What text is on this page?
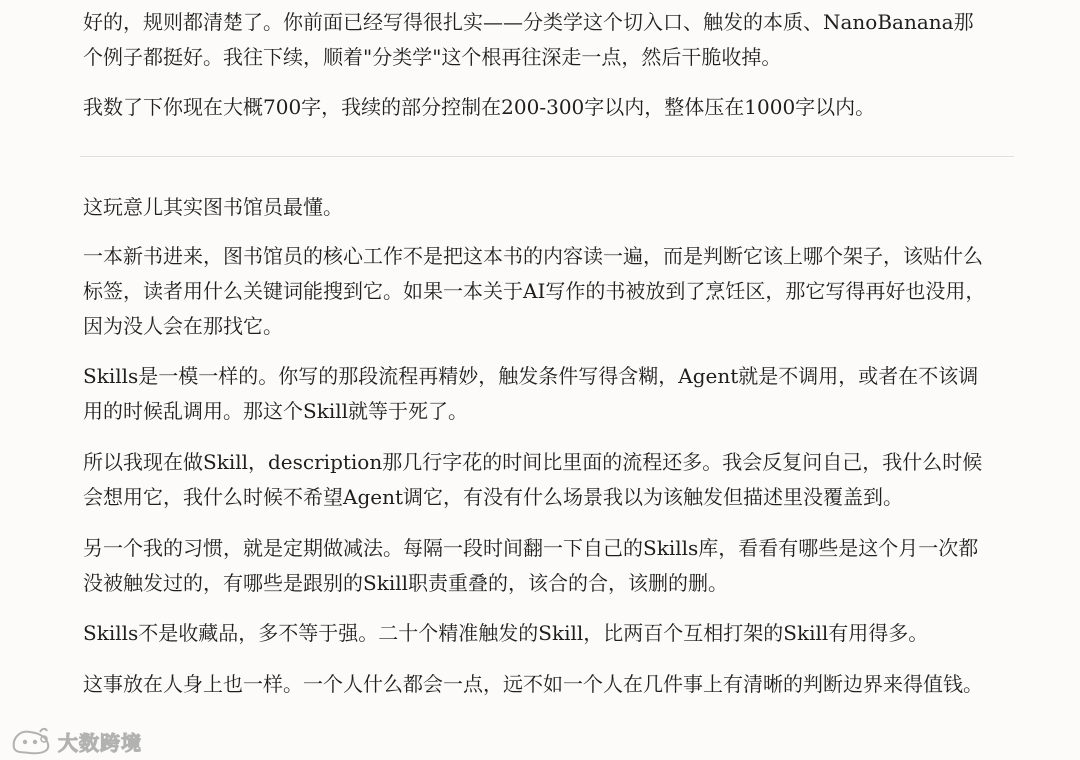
好的，规则都清楚了。你前面已经写得很扎实——分类学这个切入口、触发的本质、NanoBanana那个例子都挺好。我往下续，顺着"分类学"这个根再往深走一点，然后干脆收掉。

我数了下你现在大概700字，我续的部分控制在200-300字以内，整体压在1000字以内。

这玩意儿其实图书馆员最懂。

一本新书进来，图书馆员的核心工作不是把这本书的内容读一遍，而是判断它该上哪个架子，该贴什么标签，读者用什么关键词能搜到它。如果一本关于AI写作的书被放到了烹饪区，那它写得再好也没用，因为没人会在那找它。

Skills是一模一样的。你写的那段流程再精妙，触发条件写得含糊，Agent就是不调用，或者在不该调用的时候乱调用。那这个Skill就等于死了。

所以我现在做Skill，description那几行字花的时间比里面的流程还多。我会反复问自己，我什么时候会想用它，我什么时候不希望Agent调它，有没有什么场景我以为该触发但描述里没覆盖到。

另一个我的习惯，就是定期做减法。每隔一段时间翻一下自己的Skills库，看看有哪些是这个月一次都没被触发过的，有哪些是跟别的Skill职责重叠的，该合的合，该删的删。

Skills不是收藏品，多不等于强。二十个精准触发的Skill，比两百个互相打架的Skill有用得多。

这事放在人身上也一样。一个人什么都会一点，远不如一个人在几件事上有清晰的判断边界来得值钱。

大数跨境
